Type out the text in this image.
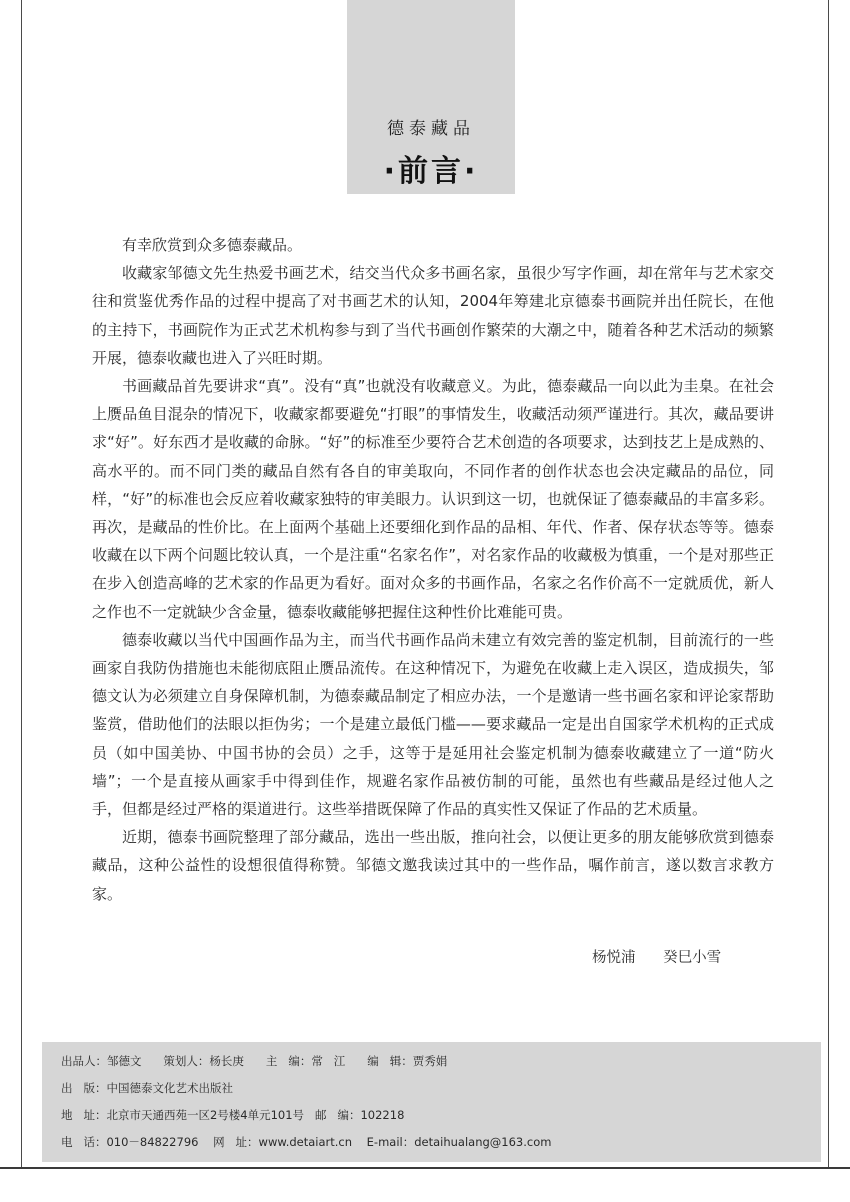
德泰藏品
·前言·

有幸欣赏到众多德泰藏品。

收藏家邹德文先生热爱书画艺术，结交当代众多书画名家，虽很少写字作画，却在常年与艺术家交往和赏鉴优秀作品的过程中提高了对书画艺术的认知，2004年筹建北京德泰书画院并出任院长，在他的主持下，书画院作为正式艺术机构参与到了当代书画创作繁荣的大潮之中，随着各种艺术活动的频繁开展，德泰收藏也进入了兴旺时期。

书画藏品首先要讲求“真”。没有“真”也就没有收藏意义。为此，德泰藏品一向以此为圭臬。在社会上赝品鱼目混杂的情况下，收藏家都要避免“打眼”的事情发生，收藏活动须严谨进行。其次，藏品要讲求“好”。好东西才是收藏的命脉。“好”的标准至少要符合艺术创造的各项要求，达到技艺上是成熟的、高水平的。而不同门类的藏品自然有各自的审美取向，不同作者的创作状态也会决定藏品的品位，同样，“好”的标准也会反应着收藏家独特的审美眼力。认识到这一切，也就保证了德泰藏品的丰富多彩。再次，是藏品的性价比。在上面两个基础上还要细化到作品的品相、年代、作者、保存状态等等。德泰收藏在以下两个问题比较认真，一个是注重“名家名作”，对名家作品的收藏极为慎重，一个是对那些正在步入创造高峰的艺术家的作品更为看好。面对众多的书画作品，名家之名作价高不一定就质优，新人之作也不一定就缺少含金量，德泰收藏能够把握住这种性价比难能可贵。

德泰收藏以当代中国画作品为主，而当代书画作品尚未建立有效完善的鉴定机制，目前流行的一些画家自我防伪措施也未能彻底阻止赝品流传。在这种情况下，为避免在收藏上走入误区，造成损失，邹德文认为必须建立自身保障机制，为德泰藏品制定了相应办法，一个是邀请一些书画名家和评论家帮助鉴赏，借助他们的法眼以拒伪劣；一个是建立最低门槛——要求藏品一定是出自国家学术机构的正式成员（如中国美协、中国书协的会员）之手，这等于是延用社会鉴定机制为德泰收藏建立了一道“防火墙”；一个是直接从画家手中得到佳作，规避名家作品被仿制的可能，虽然也有些藏品是经过他人之手，但都是经过严格的渠道进行。这些举措既保障了作品的真实性又保证了作品的艺术质量。

近期，德泰书画院整理了部分藏品，选出一些出版，推向社会，以便让更多的朋友能够欣赏到德泰藏品，这种公益性的设想很值得称赞。邹德文邀我读过其中的一些作品，嘱作前言，遂以数言求教方家。

杨悦浦 癸巳小雪
出品人：邹德文      策划人：杨长庚      主   编：常   江      编   辑：贾秀娟
出   版：中国德泰文化艺术出版社
地   址：北京市天通西苑一区2号楼4单元101号   邮   编：102218
电   话：010－84822796    网   址：www.detaiart.cn    E-mail：detaihualang@163.com
